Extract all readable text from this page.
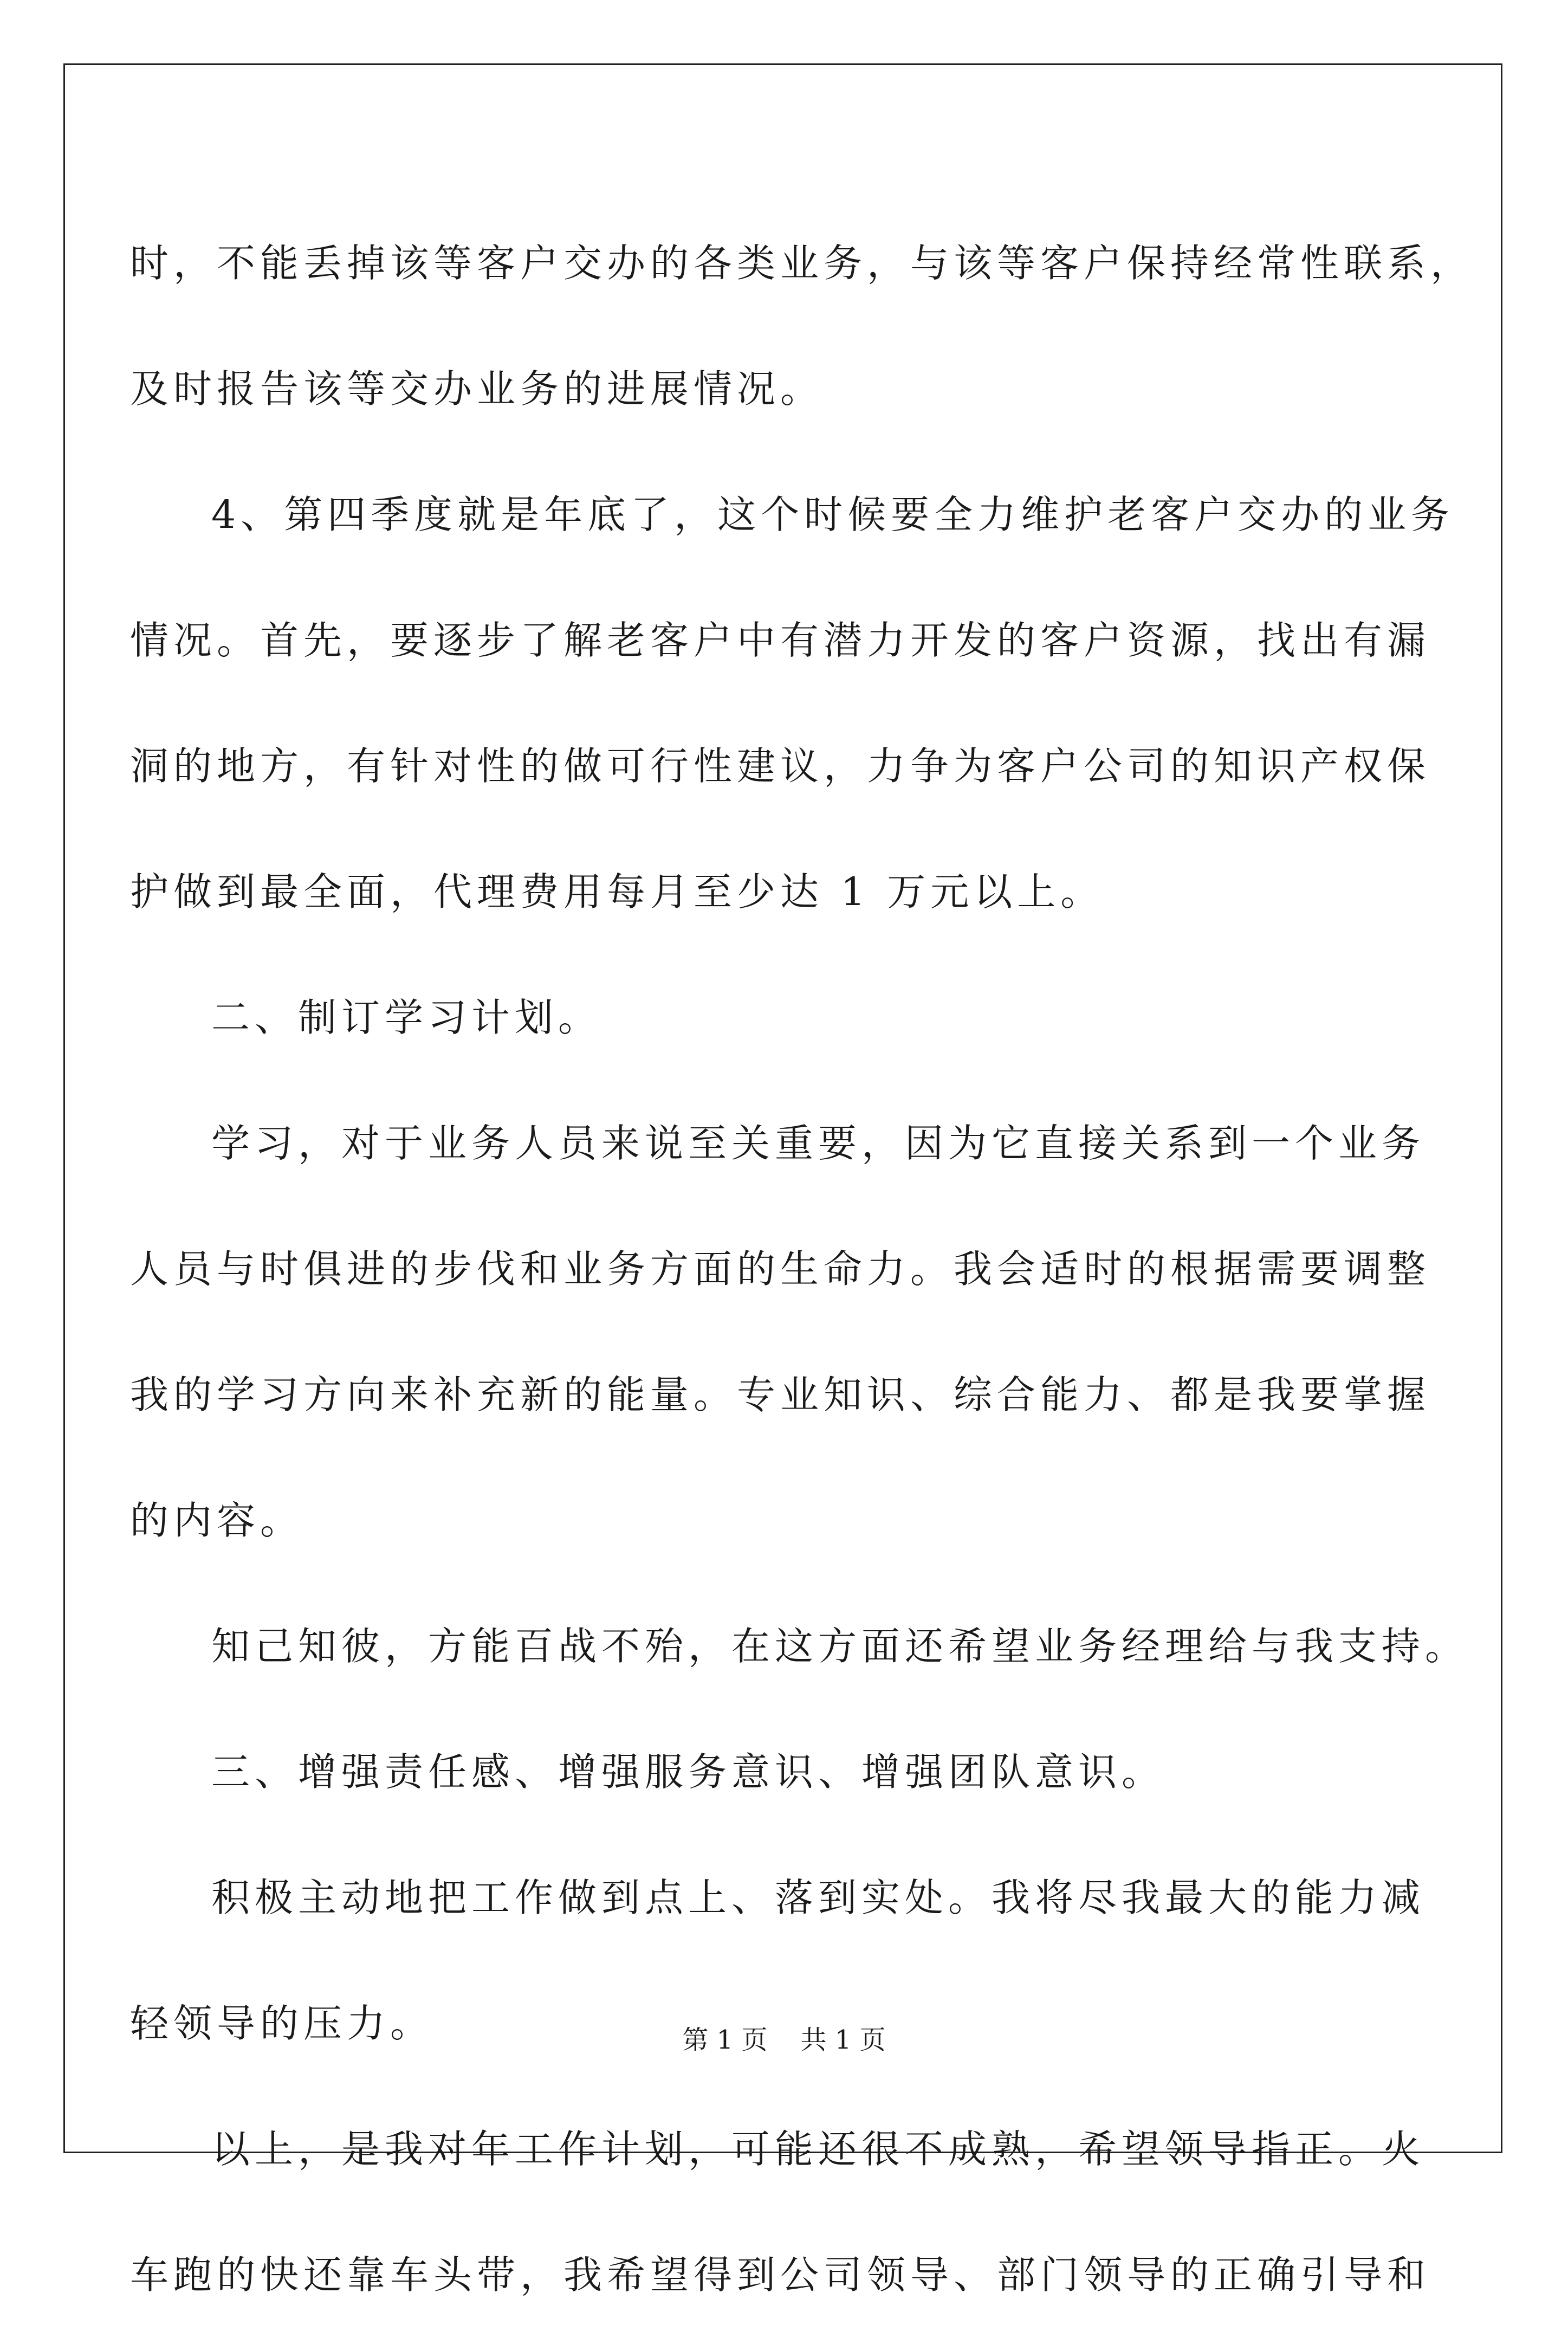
时，不能丢掉该等客户交办的各类业务，与该等客户保持经常性联系，
及时报告该等交办业务的进展情况。
4、第四季度就是年底了，这个时候要全力维护老客户交办的业务
情况。首先，要逐步了解老客户中有潜力开发的客户资源，找出有漏
洞的地方，有针对性的做可行性建议，力争为客户公司的知识产权保
护做到最全面，代理费用每月至少达 1 万元以上。
二、制订学习计划。
学习，对于业务人员来说至关重要，因为它直接关系到一个业务
人员与时俱进的步伐和业务方面的生命力。我会适时的根据需要调整
我的学习方向来补充新的能量。专业知识、综合能力、都是我要掌握
的内容。
知己知彼，方能百战不殆，在这方面还希望业务经理给与我支持。
三、增强责任感、增强服务意识、增强团队意识。
积极主动地把工作做到点上、落到实处。我将尽我最大的能力减
轻领导的压力。
以上，是我对年工作计划，可能还很不成熟，希望领导指正。火
车跑的快还靠车头带，我希望得到公司领导、部门领导的正确引导和
第 1 页    共 1 页
